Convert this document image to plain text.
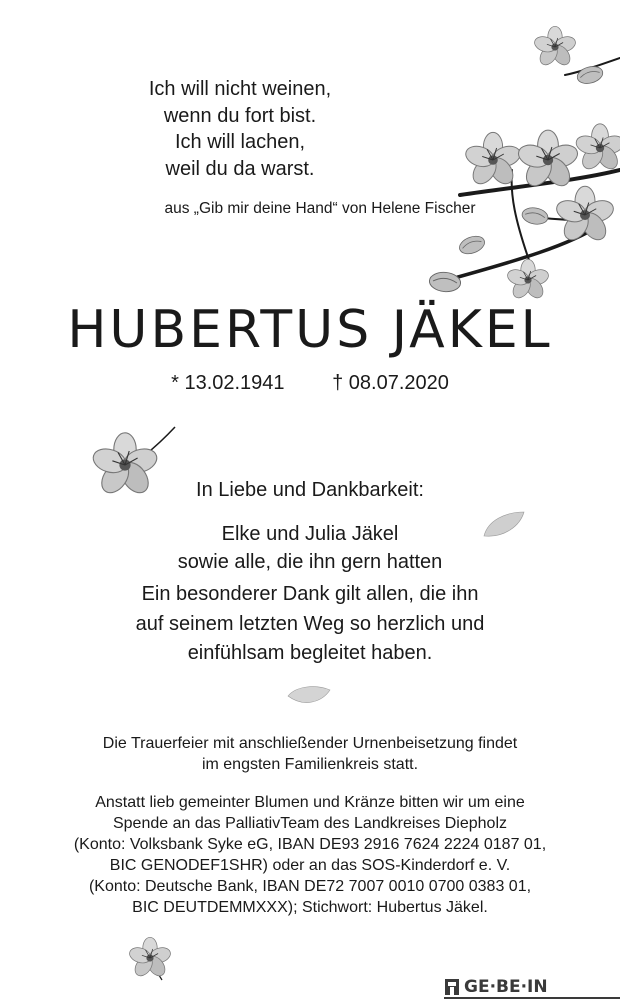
Ich will nicht weinen,
wenn du fort bist.
Ich will lachen,
weil du da warst.
aus „Gib mir deine Hand“ von Helene Fischer
HUBERTUS JÄKEL
* 13.02.1941 † 08.07.2020
In Liebe und Dankbarkeit:
Elke und Julia Jäkel
sowie alle, die ihn gern hatten
Ein besonderer Dank gilt allen, die ihn
auf seinem letzten Weg so herzlich und
einfühlsam begleitet haben.
Die Trauerfeier mit anschließender Urnenbeisetzung findet
im engsten Familienkreis statt.
Anstatt lieb gemeinter Blumen und Kränze bitten wir um eine
Spende an das PalliativTeam des Landkreises Diepholz
(Konto: Volksbank Syke eG, IBAN DE93 2916 7624 2224 0187 01,
BIC GENODEF1SHR) oder an das SOS-Kinderdorf e. V.
(Konto: Deutsche Bank, IBAN DE72 7007 0010 0700 0383 01,
BIC DEUTDEMMXXX); Stichwort: Hubertus Jäkel.
GE·BE·IN
